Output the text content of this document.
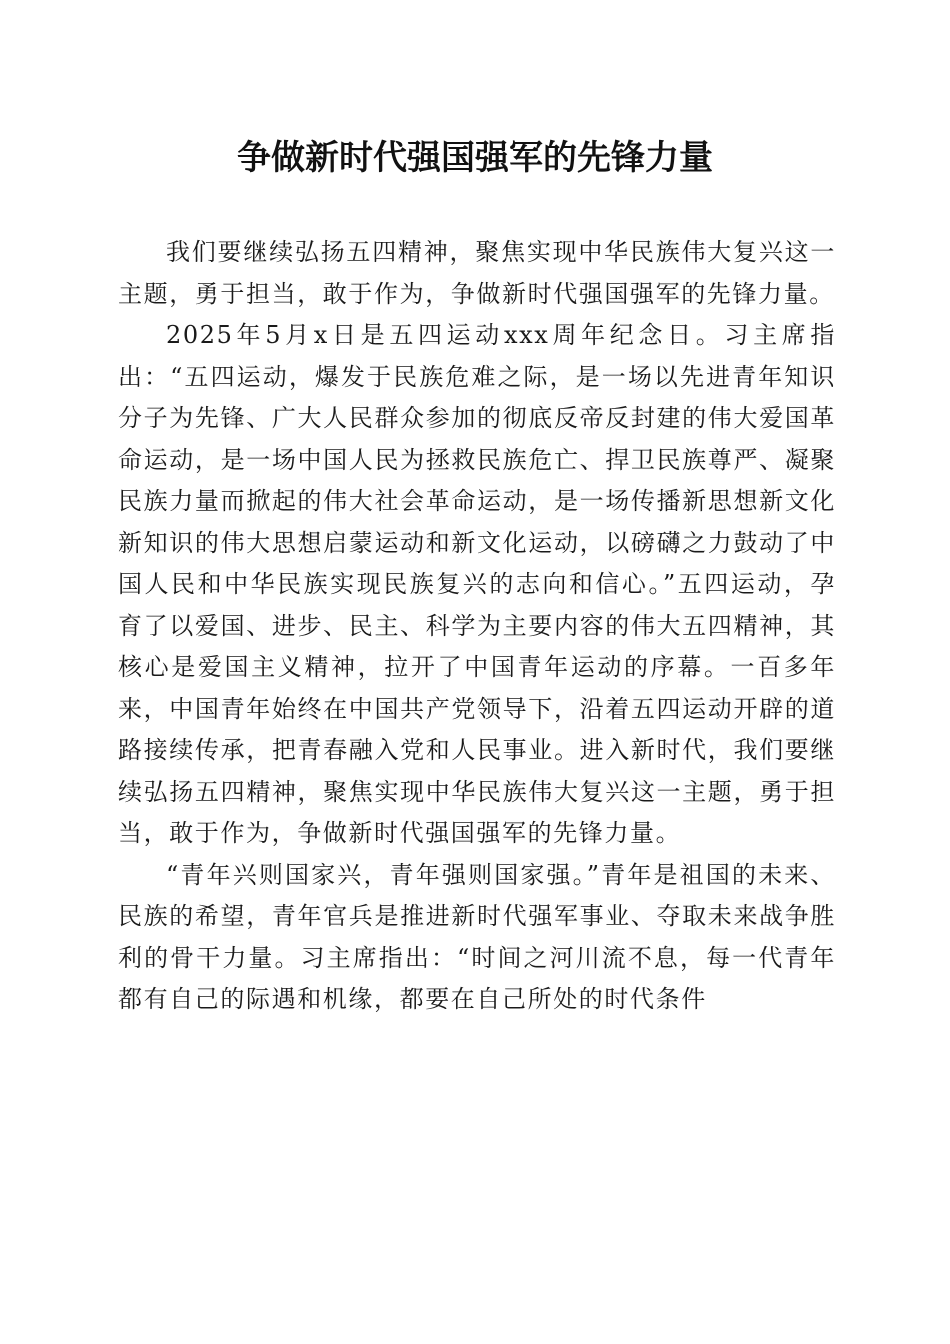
争做新时代强国强军的先锋力量

我们要继续弘扬五四精神，聚焦实现中华民族伟大复兴这一主题，勇于担当，敢于作为，争做新时代强国强军的先锋力量。

2025年5月x日是五四运动xxx周年纪念日。习主席指出：“五四运动，爆发于民族危难之际，是一场以先进青年知识分子为先锋、广大人民群众参加的彻底反帝反封建的伟大爱国革命运动，是一场中国人民为拯救民族危亡、捍卫民族尊严、凝聚民族力量而掀起的伟大社会革命运动，是一场传播新思想新文化新知识的伟大思想启蒙运动和新文化运动，以磅礴之力鼓动了中国人民和中华民族实现民族复兴的志向和信心。”五四运动，孕育了以爱国、进步、民主、科学为主要内容的伟大五四精神，其核心是爱国主义精神，拉开了中国青年运动的序幕。一百多年来，中国青年始终在中国共产党领导下，沿着五四运动开辟的道路接续传承，把青春融入党和人民事业。进入新时代，我们要继续弘扬五四精神，聚焦实现中华民族伟大复兴这一主题，勇于担当，敢于作为，争做新时代强国强军的先锋力量。

“青年兴则国家兴，青年强则国家强。”青年是祖国的未来、民族的希望，青年官兵是推进新时代强军事业、夺取未来战争胜利的骨干力量。习主席指出：“时间之河川流不息，每一代青年都有自己的际遇和机缘，都要在自己所处的时代条件
